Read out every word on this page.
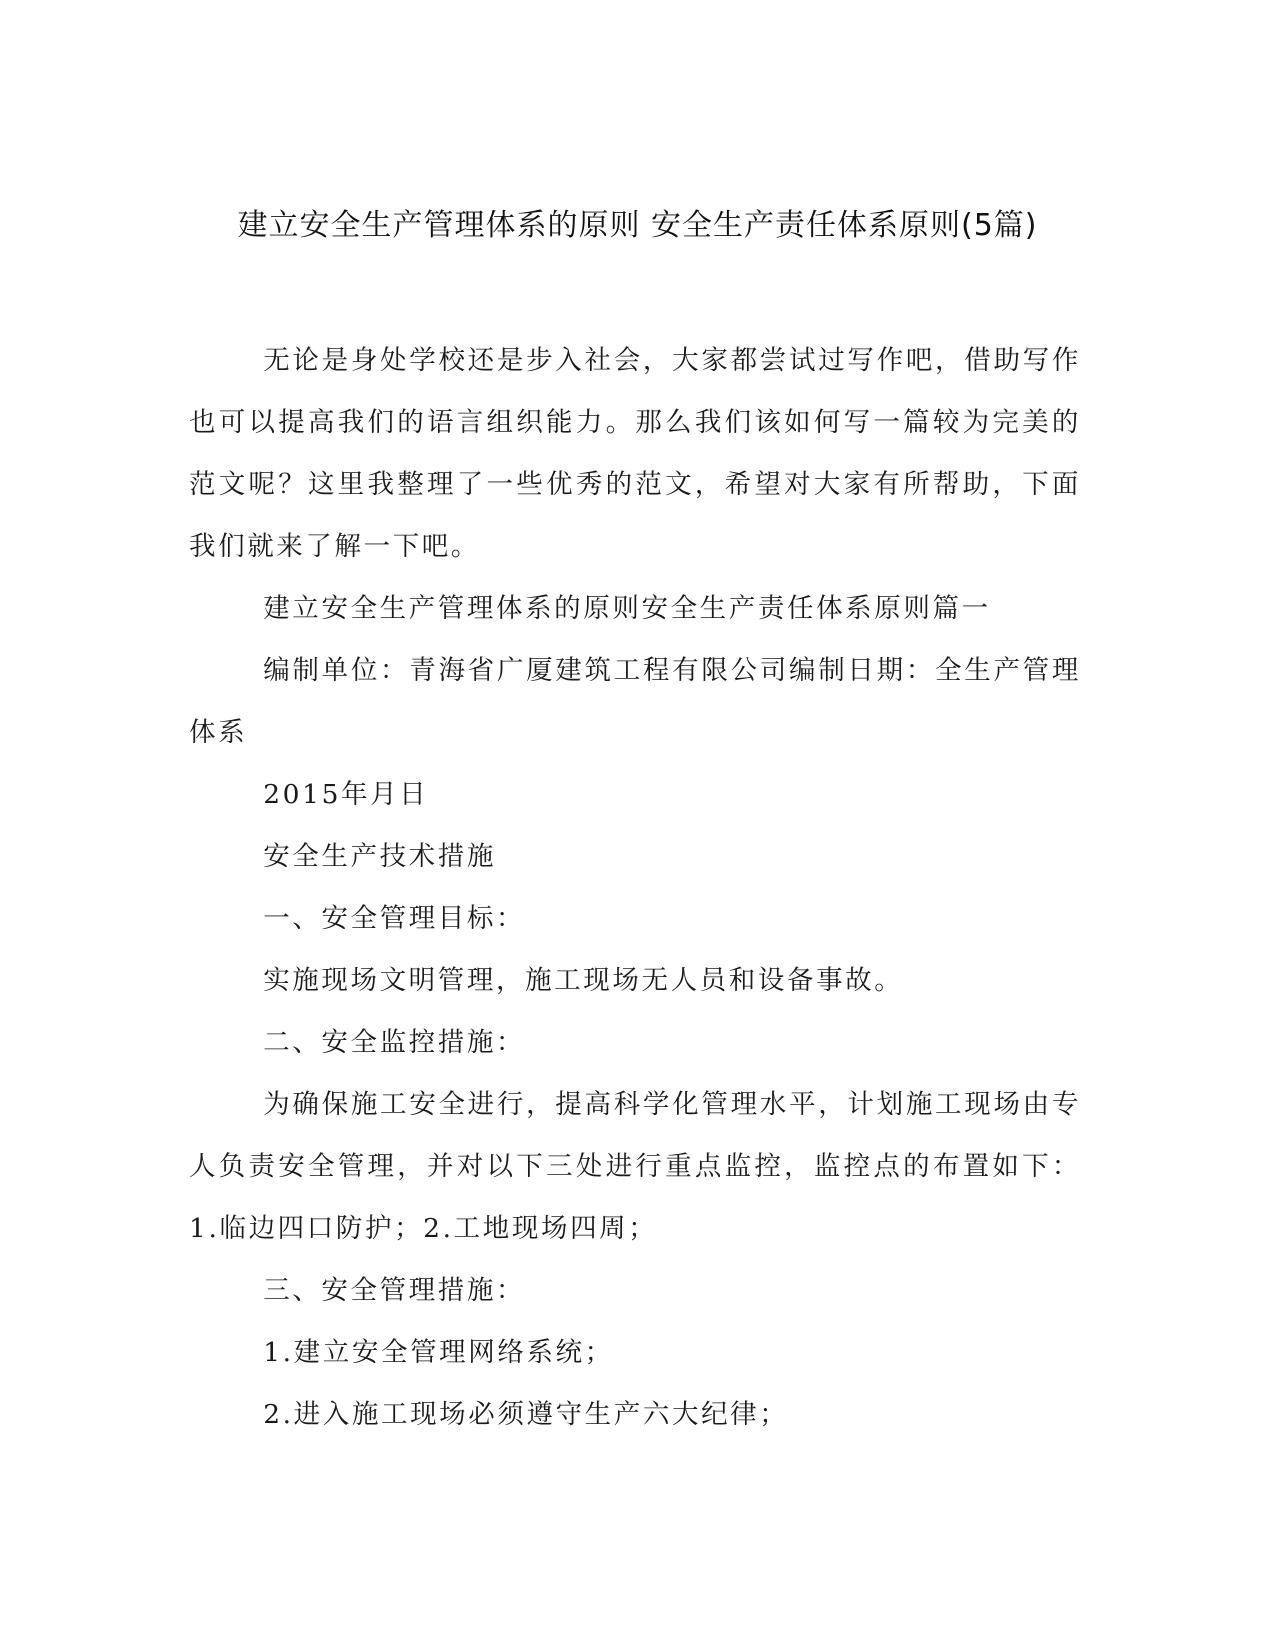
建立安全生产管理体系的原则 安全生产责任体系原则(5篇)

无论是身处学校还是步入社会，大家都尝试过写作吧，借助写作也可以提高我们的语言组织能力。那么我们该如何写一篇较为完美的范文呢？这里我整理了一些优秀的范文，希望对大家有所帮助，下面我们就来了解一下吧。

建立安全生产管理体系的原则安全生产责任体系原则篇一

编制单位：青海省广厦建筑工程有限公司编制日期：全生产管理体系

2015年月日

安全生产技术措施

一、安全管理目标：

实施现场文明管理，施工现场无人员和设备事故。

二、安全监控措施：

为确保施工安全进行，提高科学化管理水平，计划施工现场由专人负责安全管理，并对以下三处进行重点监控，监控点的布置如下：1.临边四口防护；2.工地现场四周；

三、安全管理措施：

1.建立安全管理网络系统；

2.进入施工现场必须遵守生产六大纪律；
